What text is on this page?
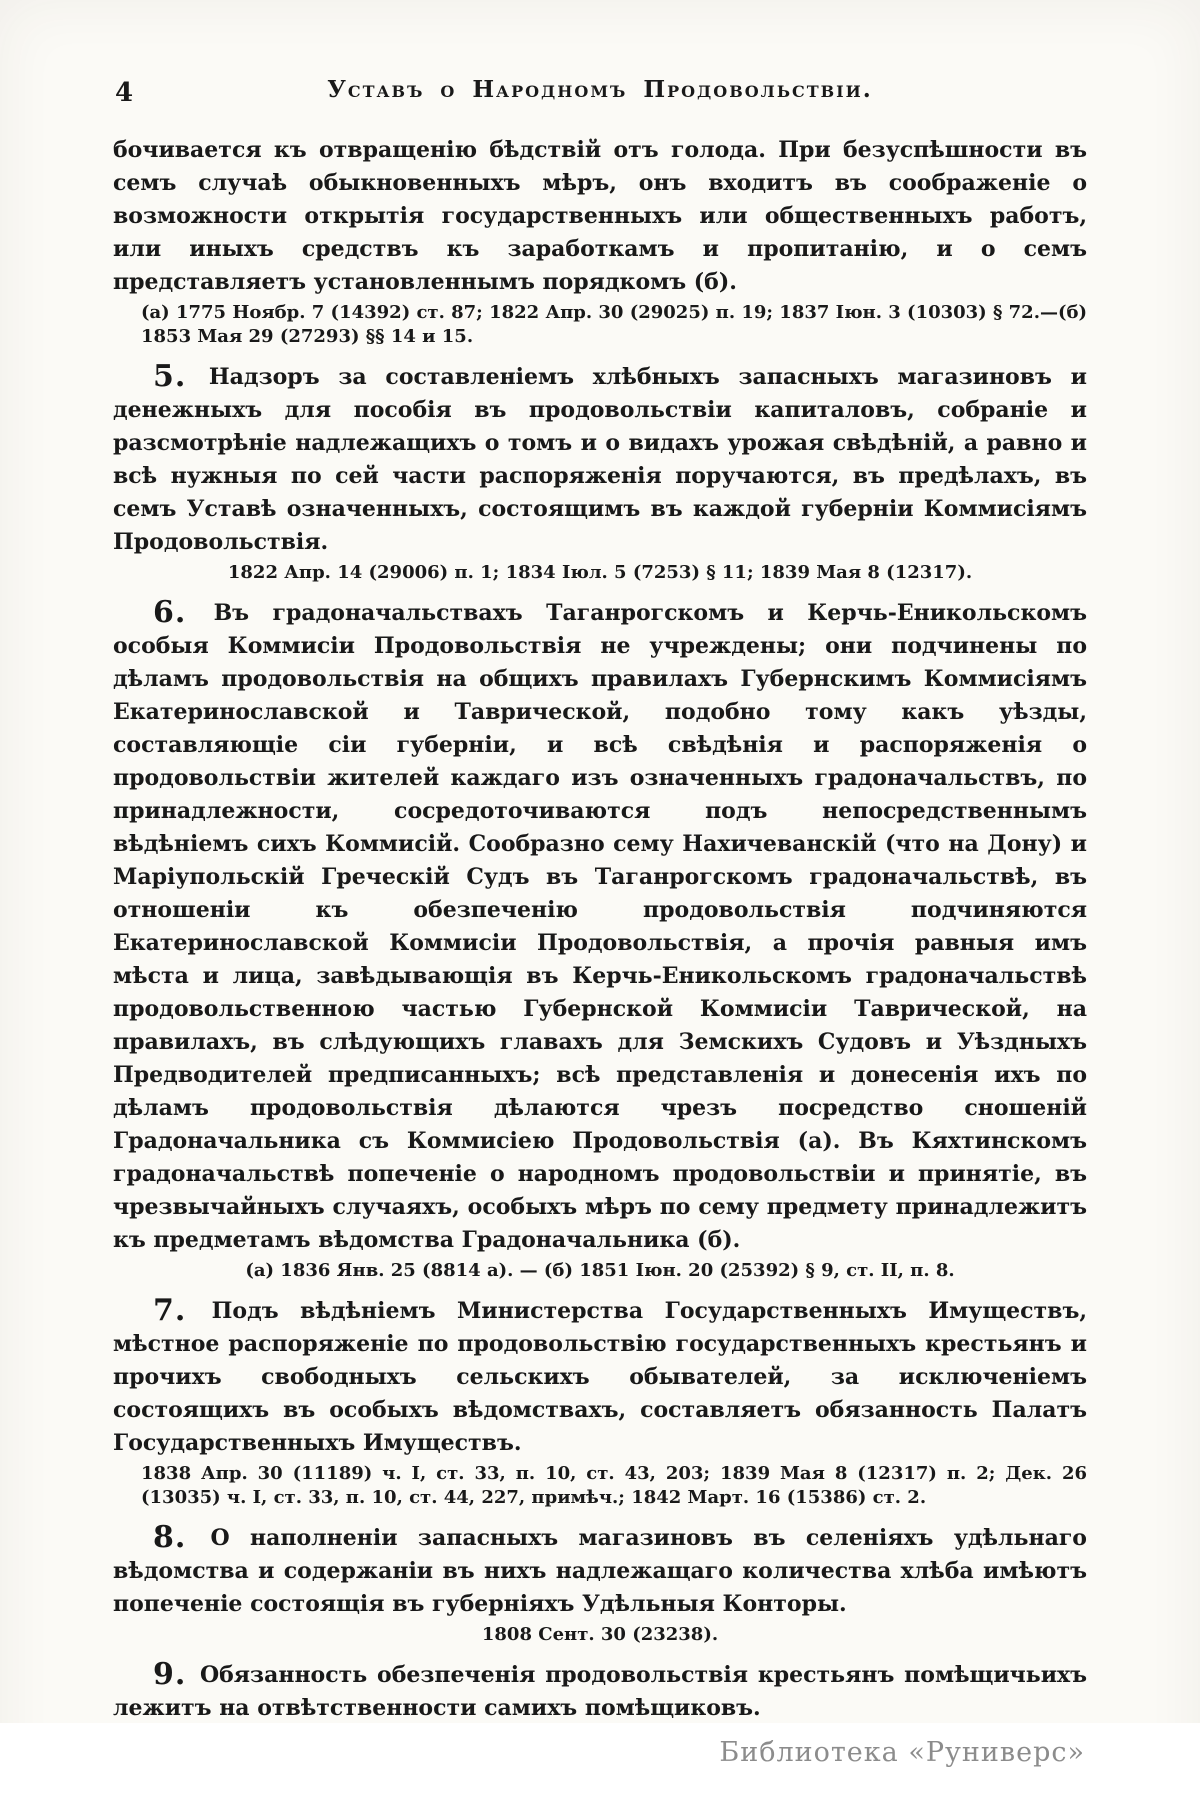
4	Уставъ о Народномъ Продовольствіи.

бочивается къ отвращенію бѣдствій отъ голода. При безуспѣшности въ семъ случаѣ обыкновенныхъ мѣръ, онъ входитъ въ соображеніе о возможности открытія государственныхъ или общественныхъ работъ, или иныхъ средствъ къ заработкамъ и пропитанію, и о семъ представляетъ установленнымъ порядкомъ (б).

(а) 1775 Ноябр. 7 (14392) ст. 87; 1822 Апр. 30 (29025) п. 19; 1837 Іюн. 3 (10303) § 72.—(б) 1853 Мая 29 (27293) §§ 14 и 15.

5. Надзоръ за составленіемъ хлѣбныхъ запасныхъ магазиновъ и денежныхъ для пособія въ продовольствіи капиталовъ, собраніе и разсмотрѣніе надлежащихъ о томъ и о видахъ урожая свѣдѣній, а равно и всѣ нужныя по сей части распоряженія поручаются, въ предѣлахъ, въ семъ Уставѣ означенныхъ, состоящимъ въ каждой губерніи Коммисіямъ Продовольствія.

1822 Апр. 14 (29006) п. 1; 1834 Іюл. 5 (7253) § 11; 1839 Мая 8 (12317).

6. Въ градоначальствахъ Таганрогскомъ и Керчь-Еникольскомъ особыя Коммисіи Продовольствія не учреждены; они подчинены по дѣламъ продовольствія на общихъ правилахъ Губернскимъ Коммисіямъ Екатеринославской и Таврической, подобно тому какъ уѣзды, составляющіе сіи губерніи, и всѣ свѣдѣнія и распоряженія о продовольствіи жителей каждаго изъ означенныхъ градоначальствъ, по принадлежности, сосредоточиваются подъ непосредственнымъ вѣдѣніемъ сихъ Коммисій. Сообразно сему Нахичеванскій (что на Дону) и Маріупольскій Греческій Судъ въ Таганрогскомъ градоначальствѣ, въ отношеніи къ обезпеченію продовольствія подчиняются Екатеринославской Коммисіи Продовольствія, а прочія равныя имъ мѣста и лица, завѣдывающія въ Керчь-Еникольскомъ градоначальствѣ продовольственною частью Губернской Коммисіи Таврической, на правилахъ, въ слѣдующихъ главахъ для Земскихъ Судовъ и Уѣздныхъ Предводителей предписанныхъ; всѣ представленія и донесенія ихъ по дѣламъ продовольствія дѣлаются чрезъ посредство сношеній Градоначальника съ Коммисіею Продовольствія (а). Въ Кяхтинскомъ градоначальствѣ попеченіе о народномъ продовольствіи и принятіе, въ чрезвычайныхъ случаяхъ, особыхъ мѣръ по сему предмету принадлежитъ къ предметамъ вѣдомства Градоначальника (б).

(а) 1836 Янв. 25 (8814 а). — (б) 1851 Іюн. 20 (25392) § 9, ст. II, п. 8.

7. Подъ вѣдѣніемъ Министерства Государственныхъ Имуществъ, мѣстное распоряженіе по продовольствію государственныхъ крестьянъ и прочихъ свободныхъ сельскихъ обывателей, за исключеніемъ состоящихъ въ особыхъ вѣдомствахъ, составляетъ обязанность Палатъ Государственныхъ Имуществъ.

1838 Апр. 30 (11189) ч. I, ст. 33, п. 10, ст. 43, 203; 1839 Мая 8 (12317) п. 2; Дек. 26 (13035) ч. I, ст. 33, п. 10, ст. 44, 227, примѣч.; 1842 Март. 16 (15386) ст. 2.

8. О наполненіи запасныхъ магазиновъ въ селеніяхъ удѣльнаго вѣдомства и содержаніи въ нихъ надлежащаго количества хлѣба имѣютъ попеченіе состоящія въ губерніяхъ Удѣльныя Конторы.

1808 Сент. 30 (23238).

9. Обязанность обезпеченія продовольствія крестьянъ помѣщичьихъ лежитъ на отвѣтственности самихъ помѣщиковъ.

Библиотека «Руниверс»
